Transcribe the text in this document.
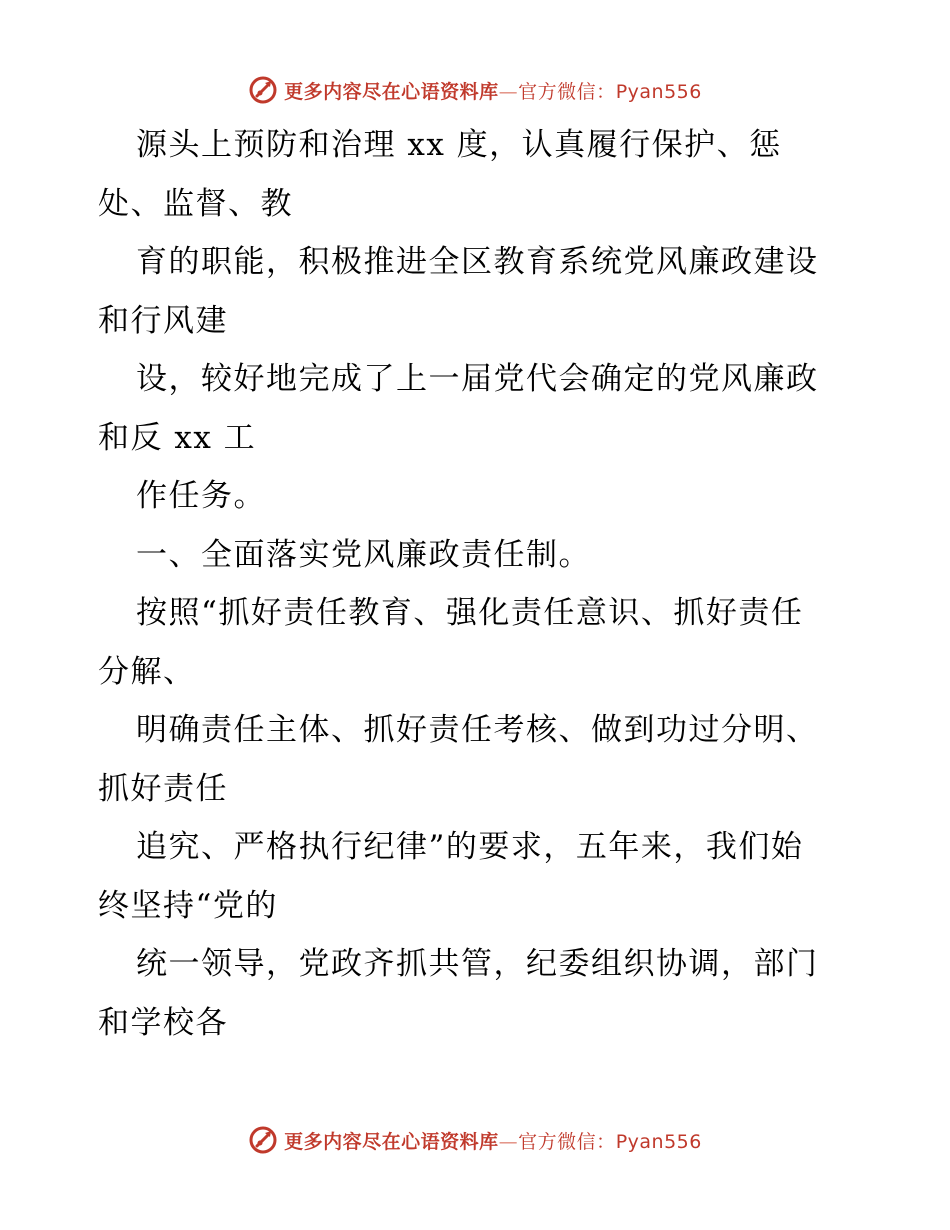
更多内容尽在心语资料库—官方微信：Pyan556
源头上预防和治理 xx 度，认真履行保护、惩
处、监督、教
育的职能，积极推进全区教育系统党风廉政建设
和行风建
设，较好地完成了上一届党代会确定的党风廉政
和反 xx 工
作任务。
一、全面落实党风廉政责任制。
按照“抓好责任教育、强化责任意识、抓好责任
分解、
明确责任主体、抓好责任考核、做到功过分明、
抓好责任
追究、严格执行纪律”的要求，五年来，我们始
终坚持“党的
统一领导，党政齐抓共管，纪委组织协调，部门
和学校各
更多内容尽在心语资料库—官方微信：Pyan556
